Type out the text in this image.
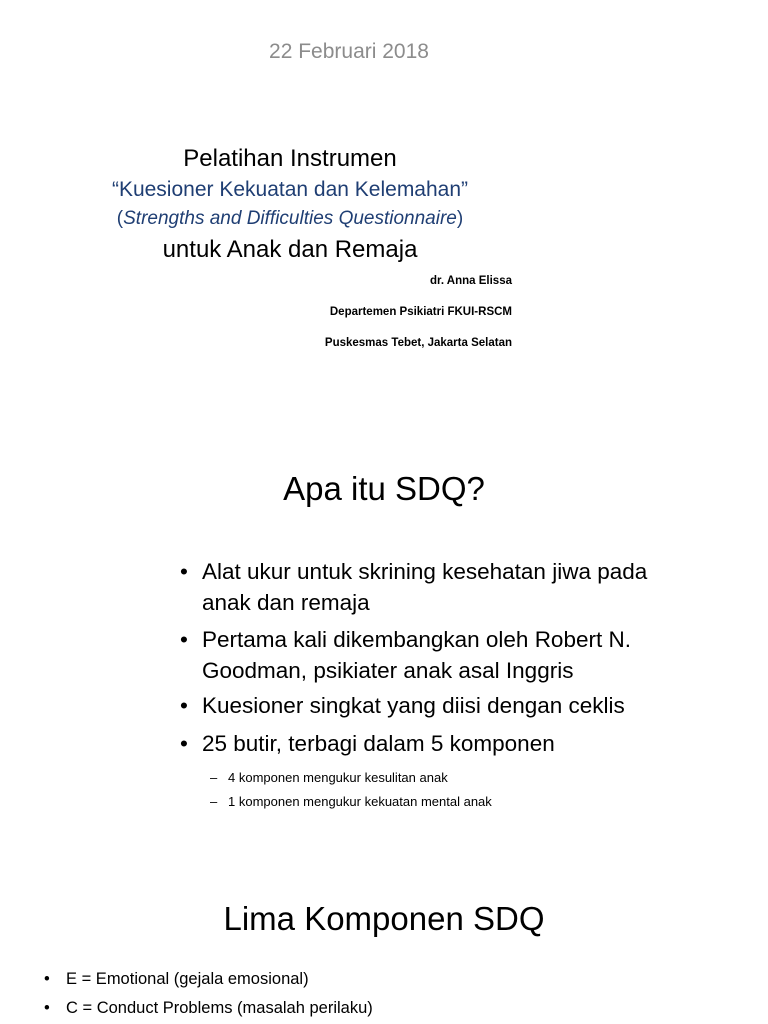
22 Februari 2018
Pelatihan Instrumen
“Kuesioner Kekuatan dan Kelemahan”
(Strengths and Difficulties Questionnaire)
untuk Anak dan Remaja
dr. Anna Elissa
Departemen Psikiatri FKUI-RSCM
Puskesmas Tebet, Jakarta Selatan
Apa itu SDQ?
• Alat ukur untuk skrining kesehatan jiwa pada anak dan remaja
• Pertama kali dikembangkan oleh Robert N. Goodman, psikiater anak asal Inggris
• Kuesioner singkat yang diisi dengan ceklis
• 25 butir, terbagi dalam 5 komponen
– 4 komponen mengukur kesulitan anak
– 1 komponen mengukur kekuatan mental anak
Lima Komponen SDQ
• E = Emotional (gejala emosional)
• C = Conduct Problems (masalah perilaku)
